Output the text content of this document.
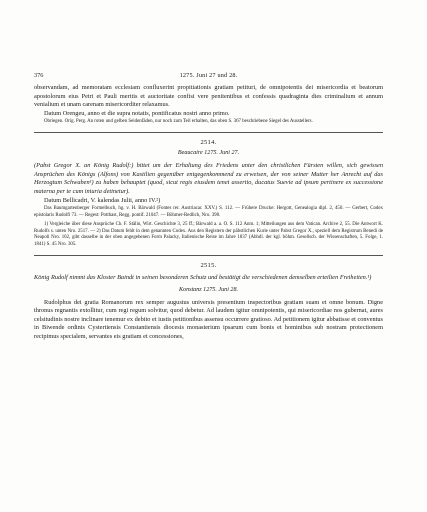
376	1275. Juni 27 und 28.

observandam, ad memoratam ecclesiam confluxerint propitiationis gratiam petituri, de omnipotentis dei misericordia et beatorum apostolorum eius Petri et Pauli meritis et auctoritate confisi vere penitentibus et confessis quadraginta dies criminalium et annum venialium et unam carenam misericorditer relaxamus.

Datum Orengeu, anno et die supra notatis, pontificatus nostri anno primo.

Obriegen. Orig. Perg. An roten und gelben Seidenfäden, nur noch zum Teil erhalten, das oben S. 367 beschriebene Siegel des Ausstellers.

2514.
Beaucaire 1275. Juni 27.

(Pabst Gregor X. an König Rudolf:) bittet um der Erhaltung des Friedens unter den christlichen Fürsten willen, sich gewissen Ansprüchen des Königs (Alfons) von Kastilien gegenüber entgegenkommend zu erweisen, der von seiner Mutter her Anrecht auf das Herzogtum Schwaben¹) zu haben behauptet (quod, sicut regis eiusdem tenet assertio, ducatus Suevie ad ipsum pertinere ex successione materna per te cum iniuria detinetur).

Datum Bellicadri, V. kalendas Julii, anno IV.²)

Das Baumgartenberger Formelbuch, hg. v. H. Bärwald (Fontes rer. Austriacar. XXV.) S. 112. — Frühere Drucke: Hergott, Genealogia dipl. 2, 450. — Gerbert, Codex epistolaris Rudolfi 73. — Regest: Potthast, Regg. pontif. 21047. — Böhmer-Redlich, Nro. 398.

1) Vergleiche über diese Ansprüche Ch. F. Stälin, Wirt. Geschichte 3, 25 ff.; Bärwald a. a. O. S. 112 Anm. 1; Mitteilungen aus dem Vatican. Archive 2, 55. Die Antwort K. Rudolfs s. unten Nro. 2517. — 2) Das Datum fehlt in dem genannten Codex. Aus den Registern der päbstlichen Kurie unter Pabst Gregor X., speziell dem Registrum Benedi de Neapoli Nro. 102, gibt dasselbe in der oben angegebenen Form Palacky, Italienische Reise im Jahre 1837 (Abhdl. der kgl. böhm. Gesellsch. der Wissenschaften, 5. Folge, 1. 1841) S. 45 Nro. 305.

2515.

König Rudolf nimmt das Kloster Baindt in seinen besonderen Schutz und bestätigt die verschiedenen demselben erteilten Freiheiten.¹)

Konstanz 1275. Juni 28.

Rudolphus dei gratia Romanorum rex semper augustus universis presentium inspectoribus gratiam suam et omne bonum. Digne thronus regnantis extollitur, cum regi regum solvitur, quod debetur. Ad laudem igitur omnipotentis, qui misericordiae nos gubernat, aures celsitudinis nostre inclinare tenemur ex debito et iustis petitionibus assensu occurrere gratioso. Ad petitionem igitur abbatisse et conventus in Biwende ordinis Cystertiensis Constantiensis diocesis monasterium ipsarum cum bonis et hominibus sub nostram protectionem recipimus specialem, servantes eis gratiam et concessiones,
